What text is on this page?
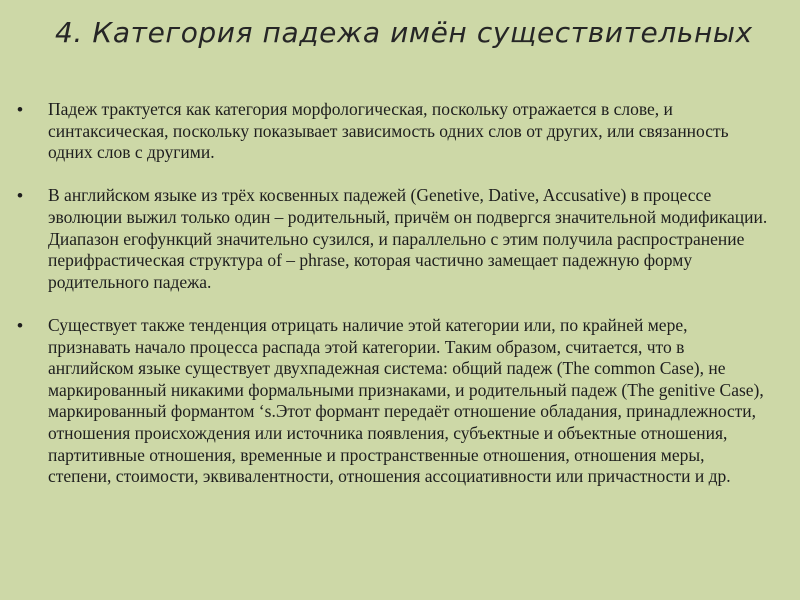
4. Категория падежа имён существительных
• Падеж трактуется как категория морфологическая, поскольку отражается в слове, и синтаксическая, поскольку показывает зависимость одних слов от других, или связанность одних слов с другими.
• В английском языке из трёх косвенных падежей (Genetive, Dative, Accusative) в процессе эволюции выжил только один – родительный, причём он подвергся значительной модификации. Диапазон егофункций значительно сузился, и параллельно с этим получила распространение перифрастическая структура of – phrase, которая частично замещает падежную форму родительного падежа.
• Существует также тенденция отрицать наличие этой категории или, по крайней мере, признавать начало процесса распада этой категории. Таким образом, считается, что в английском языке существует двухпадежная система: общий падеж (The common Case), не маркированный никакими формальными признаками, и родительный падеж (The genitive Case), маркированный формантом ‘s.Этот формант передаёт отношение обладания, принадлежности, отношения происхождения или источника появления, субъектные и объектные отношения, партитивные отношения, временные и пространственные отношения, отношения меры, степени, стоимости, эквивалентности, отношения ассоциативности или причастности и др.
